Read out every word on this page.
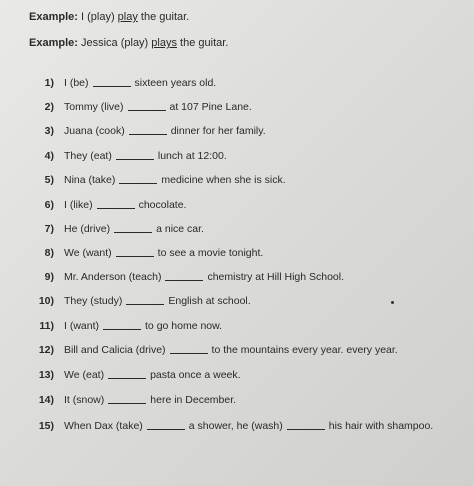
Example: I (play) play the guitar.
Example: Jessica (play) plays the guitar.
1) I (be)	sixteen years old.
2) Tommy (live)	at 107 Pine Lane.
3) Juana (cook)	dinner for her family.
4) They (eat)	lunch at 12:00.
5) Nina (take)	medicine when she is sick.
6) I (like)	chocolate.
7) He (drive)	a nice car.
8) We (want)	to see a movie tonight.
9) Mr. Anderson (teach)	chemistry at Hill High School.
10) They (study)	English at school.
11) I (want)	to go home now.
12) Bill and Calicia (drive)	to the mountains every year. every year.
13) We (eat)	pasta once a week.
14) It (snow)	here in December.
15) When Dax (take)	a shower, he (wash)	his hair with shampoo.
